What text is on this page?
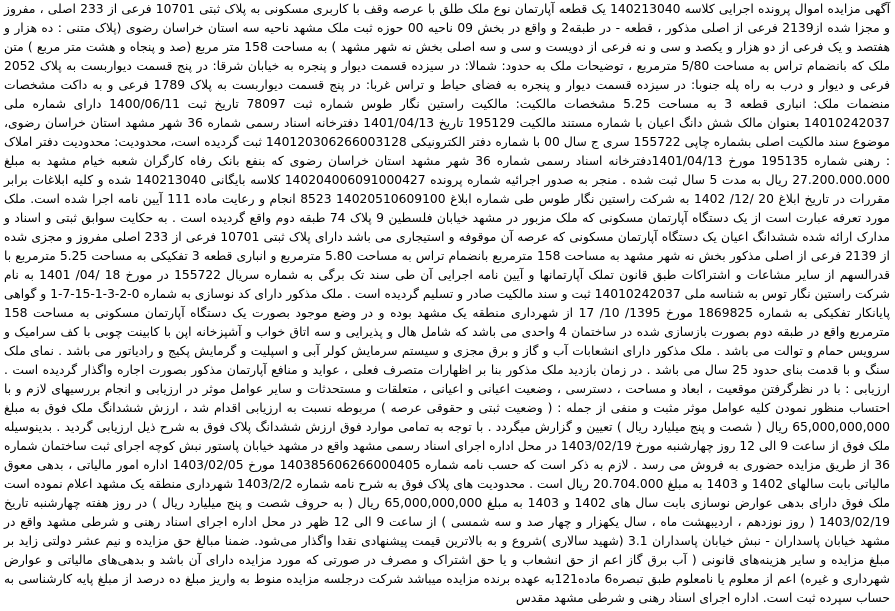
آگهی مزایده اموال پرونده اجرایی کلاسه 140213040 یک قطعه آپارتمان نوع ملک طلق با عرصه وقف با کاربری مسکونی به پلاک ثبتی 10701 فرعی از 233 اصلی ، مفروز و مجزا شده از2139 فرعی از اصلی مذکور ، قطعه - در طبقه2 و واقع در بخش 09 ناحیه 00 حوزه ثبت ملک مشهد ناحیه سه استان خراسان رضوی (پلاک متنی : ده هزار و هفتصد و یک فرعی از دو هزار و یکصد و سی و نه فرعی از دویست و سی و سه اصلی بخش نه شهر مشهد ) به مساحت 158 متر مربع (صد و پنجاه و هشت متر مربع ) متن ملک که بانضمام تراس به مساحت 5/80 مترمربع ، توضیحات ملک به حدود: شمالا: در سیزده قسمت دیوار و پنجره به خیابان شرقا: در پنج قسمت دیواربست به پلاک 2052 فرعی و دیوار و درب به راه پله جنوبا: در سیزده قسمت دیوار و پنجره به فضای حیاط و تراس غربا: در پنج قسمت دیواربست به پلاک 1789 فرعی و به داکت مشخصات منضمات ملک: انباری قطعه 3 به مساحت 5.25 مشخصات مالکیت: مالکیت راستین نگار طوس شماره ثبت 78097 تاریخ ثبت 1400/06/11 دارای شماره ملی 14010242037 بعنوان مالک شش دانگ اعیان با شماره مستند مالکیت 195129 تاریخ 1401/04/13 دفترخانه اسناد رسمی شماره 36 شهر مشهد استان خراسان رضوی، موضوع سند مالکیت اصلی بشماره چاپی 155722 سری ج سال 00 با شماره دفتر الکترونیکی 140120306266003128 ثبت گردیده است، محدودیت: محدودیت دفتر املاک : رهنی شماره 195135 مورخ 1401/04/13دفترخانه اسناد رسمی شماره 36 شهر مشهد استان خراسان رضوی که بنفع بانک رفاه کارگران شعبه خیام مشهد به مبلغ 27.200.000.000 ریال به مدت 5 سال ثبت شده . منجر به صدور اجرائیه شماره پرونده 140204006091000427 کلاسه بایگانی 140213040 شده و کلیه ابلاغات برابر مقررات در تاریخ ابلاغ 20 /12/ 1402 به شرکت راستین نگار طوس طی شماره ابلاغ 14020510609100 8523 انجام و رعایت ماده 111 آیین نامه اجرا شده است. ملک مورد تعرفه عبارت است از یک دستگاه آپارتمان مسکونی که ملک مزبور در مشهد خیابان فلسطین 9 پلاک 74 طبقه دوم واقع گردیده است . به حکایت سوابق ثبتی و اسناد و مدارک ارائه شده ششدانگ اعیان یک دستگاه آپارتمان مسکونی که عرصه آن موقوفه و استیجاری می باشد دارای پلاک ثبتی 10701 فرعی از 233 اصلی مفروز و مجزی شده از 2139 فرعی از اصلی مذکور بخش نه شهر مشهد به مساحت 158 مترمربع بانضمام تراس به مساحت 5.80 مترمربع و انباری قطعه 3 تفکیکی به مساحت 5.25 مترمربع با قدرالسهم از سایر مشاعات و اشتراکات طبق قانون تملک آپارتمانها و آیین نامه اجرایی آن طی سند تک برگی به شماره سریال 155722 در مورخ 18 /04/ 1401 به نام شرکت راستین نگار توس به شناسه ملی 14010242037 ثبت و سند مالکیت صادر و تسلیم گردیده است . ملک مذکور دارای کد نوسازی به شماره 0-2-3-1-15-7-1 و گواهی پایانکار تفکیکی به شماره 1869825 مورخ 1395/ 10/ 17 از شهرداری منطقه یک مشهد بوده و در وضع موجود بصورت یک دستگاه آپارتمان مسکونی به مساحت 158 مترمربع واقع در طبقه دوم بصورت بازسازی شده در ساختمان 4 واحدی می باشد که شامل هال و پذیرایی و سه اتاق خواب و آشپزخانه اپن با کابینت چوبی با کف سرامیک و سرویس حمام و توالت می باشد . ملک مذکور دارای انشعابات آب و گاز و برق مجزی و سیستم سرمایش کولر آبی و اسپلیت و گرمایش پکیج و رادیاتور می باشد . نمای ملک سنگ و با قدمت بنای حدود 25 سال می باشد . در زمان بازدید ملک مذکور بنا بر اظهارات متصرف فعلی ، عواید و منافع آپارتمان مذکور بصورت اجاره واگذار گردیده است . ارزیابی : با در نظرگرفتن موقعیت ، ابعاد و مساحت ، دسترسی ، وضعیت اعیانی و اعیانی ، متعلقات و مستحدثات و سایر عوامل موثر در ارزیابی و انجام بررسیهای لازم و با احتساب منظور نمودن کلیه عوامل موثر مثبت و منفی از جمله : ( وضعیت ثبتی و حقوقی عرصه ) مربوطه نسبت به ارزیابی اقدام شد ، ارزش ششدانگ ملک فوق به مبلغ 65,000,000,000 ریال ( شصت و پنج میلیارد ریال ) تعیین و گزارش میگردد . با توجه به تمامی موارد فوق ارزش ششدانگ پلاک فوق به شرح ذیل ارزیابی گردید . بدینوسیله ملک فوق از ساعت 9 الی 12 روز چهارشنبه مورخ 1403/02/19 در محل اداره اجرای اسناد رسمی مشهد واقع در مشهد خیابان پاستور نبش کوچه اجرای ثبت ساختمان شماره 36 از طریق مزایده حضوری به فروش می رسد . لازم به ذکر است که حسب نامه شماره 140385606266000405 مورخ 1403/02/05 اداره امور مالیاتی ، بدهی معوق مالیاتی بابت سالهای 1402 و 1403 به مبلغ 20.704.000 ریال است . محدودیت های پلاک فوق به شرح نامه شماره 1403/2/2 شهرداری منطقه یک مشهد اعلام نموده است ملک فوق دارای بدهی عوارض نوسازی بابت سال های 1402 و 1403 به مبلغ 65,000,000,000 ریال ( به حروف شصت و پنج میلیارد ریال ) در روز هفته چهارشنبه تاریخ 1403/02/19 ( روز نوزدهم ، اردیبهشت ماه ، سال یکهزار و چهار صد و سه شمسی ) از ساعت 9 الی 12 ظهر در محل اداره اجرای اسناد رهنی و شرطی مشهد واقع در مشهد خیابان پاسداران - نبش خیابان پاسداران 3.1 (شهید سالاری )شروع و به بالاترین قیمت پیشنهادی نقدا واگذار می‌شود. ضمنا مبالغ حق مزایده و نیم عشر دولتی زاید بر مبلغ مزایده و سایر هزینه‌های قانونی ( آب برق گاز اعم از حق انشعاب و یا حق اشتراک و مصرف در صورتی که مورد مزایده دارای آن باشد و بدهی‌های مالیاتی و عوارض شهرداری و غیره) اعم از معلوم یا نامعلوم طبق تبصره6 ماده121به عهده برنده مزایده میباشد شرکت درجلسه مزایده منوط به واریز مبلغ ده درصد از مبلغ پایه کارشناسی به حساب سپرده ثبت است. اداره اجرای اسناد رهنی و شرطی مشهد مقدس
